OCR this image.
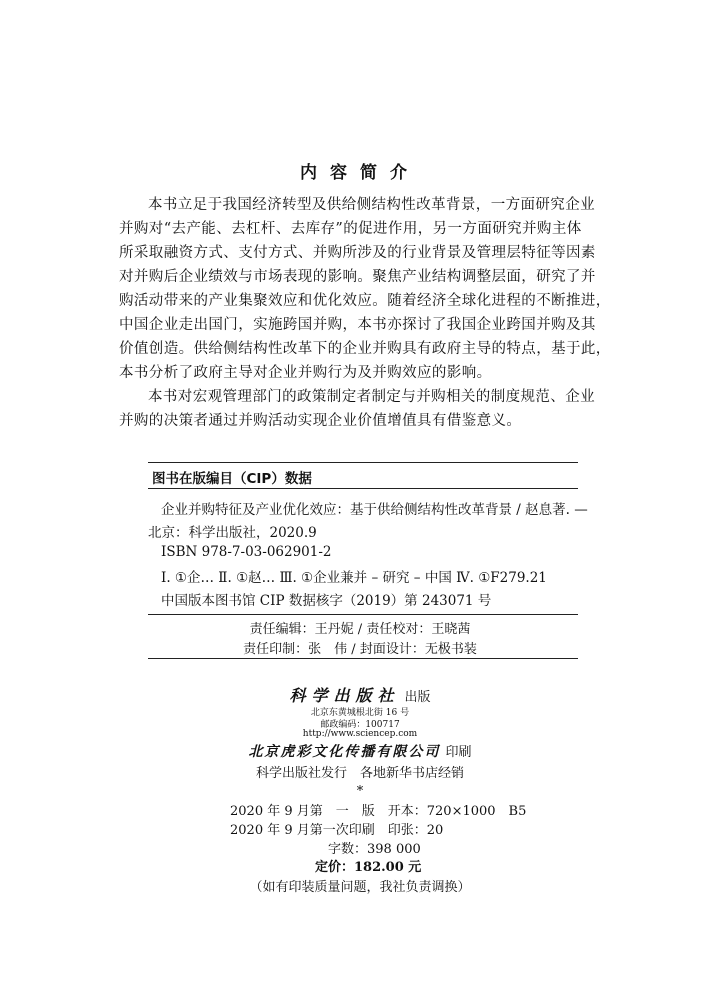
内容简介
本书立足于我国经济转型及供给侧结构性改革背景，一方面研究企业
并购对“去产能、去杠杆、去库存”的促进作用，另一方面研究并购主体
所采取融资方式、支付方式、并购所涉及的行业背景及管理层特征等因素
对并购后企业绩效与市场表现的影响。聚焦产业结构调整层面，研究了并
购活动带来的产业集聚效应和优化效应。随着经济全球化进程的不断推进，
中国企业走出国门，实施跨国并购，本书亦探讨了我国企业跨国并购及其
价值创造。供给侧结构性改革下的企业并购具有政府主导的特点，基于此，
本书分析了政府主导对企业并购行为及并购效应的影响。
本书对宏观管理部门的政策制定者制定与并购相关的制度规范、企业
并购的决策者通过并购活动实现企业价值增值具有借鉴意义。
图书在版编目（CIP）数据
企业并购特征及产业优化效应：基于供给侧结构性改革背景 / 赵息著. —
北京：科学出版社，2020.9
ISBN 978-7-03-062901-2
Ⅰ. ①企… Ⅱ. ①赵… Ⅲ. ①企业兼并 – 研究 – 中国 Ⅳ. ①F279.21
中国版本图书馆 CIP 数据核字（2019）第 243071 号
责任编辑：王丹妮 / 责任校对：王晓茜
责任印制：张　伟 / 封面设计：无极书装
科学出版社 出版
北京东黄城根北街 16 号
邮政编码：100717
http://www.sciencep.com
北京虎彩文化传播有限公司 印刷
科学出版社发行　各地新华书店经销
*
2020 年 9 月第　一　版　开本：720×1000　B5
2020 年 9 月第一次印刷　印张：20
字数：398 000
定价：182.00 元
（如有印装质量问题，我社负责调换）
